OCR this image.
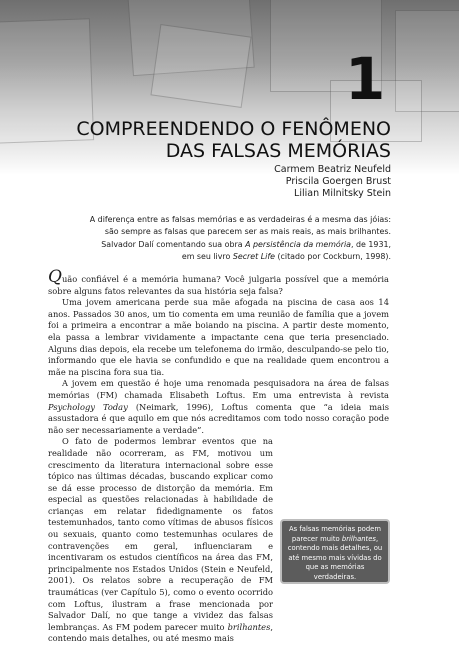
1
COMPREENDENDO O FENÔMENO
DAS FALSAS MEMÓRIAS
Carmem Beatriz Neufeld
Priscila Goergen Brust
Lilian Milnitsky Stein
A diferença entre as falsas memórias e as verdadeiras é a mesma das jóias:
são sempre as falsas que parecem ser as mais reais, as mais brilhantes.
Salvador Dalí comentando sua obra A persistência da memória, de 1931,
em seu livro Secret Life (citado por Cockburn, 1998).

Quão confiável é a memória humana? Você julgaria possível que a memória sobre alguns fatos relevantes da sua história seja falsa?

Uma jovem americana perde sua mãe afogada na piscina de casa aos 14 anos. Passados 30 anos, um tio comenta em uma reunião de família que a jovem foi a primeira a encontrar a mãe boiando na piscina. A partir deste momento, ela passa a lembrar vividamente a impactante cena que teria presenciado. Alguns dias depois, ela recebe um telefonema do irmão, desculpando-se pelo tio, informando que ele havia se confundido e que na realidade quem encontrou a mãe na piscina fora sua tia.

A jovem em questão é hoje uma renomada pesquisadora na área de falsas memórias (FM) chamada Elisabeth Loftus. Em uma entrevista à revista Psychology Today (Neimark, 1996), Loftus comenta que “a ideia mais assustadora é que aquilo em que nós acreditamos com todo nosso coração pode não ser necessariamente a verdade”.

O fato de podermos lembrar eventos que na realidade não ocorreram, as FM, motivou um crescimento da literatura internacional sobre esse tópico nas últimas décadas, buscando explicar como se dá esse processo de distorção da memória. Em especial as questões relacionadas à habilidade de crianças em relatar fidedignamente os fatos testemunhados, tanto como vítimas de abusos físicos ou sexuais, quanto como testemunhas oculares de contravenções em geral, influenciaram e incentivaram os estudos científicos na área das FM, principalmente nos Estados Unidos (Stein e Neufeld, 2001). Os relatos sobre a recuperação de FM traumáticas (ver Capítulo 5), como o evento ocorrido com Loftus, ilustram a frase mencionada por Salvador Dalí, no que tange a vividez das falsas lembranças. As FM podem parecer muito brilhantes, contendo mais detalhes, ou até mesmo mais

As falsas memórias podem parecer muito brilhantes, contendo mais detalhes, ou até mesmo mais vívidas do que as memórias verdadeiras.
